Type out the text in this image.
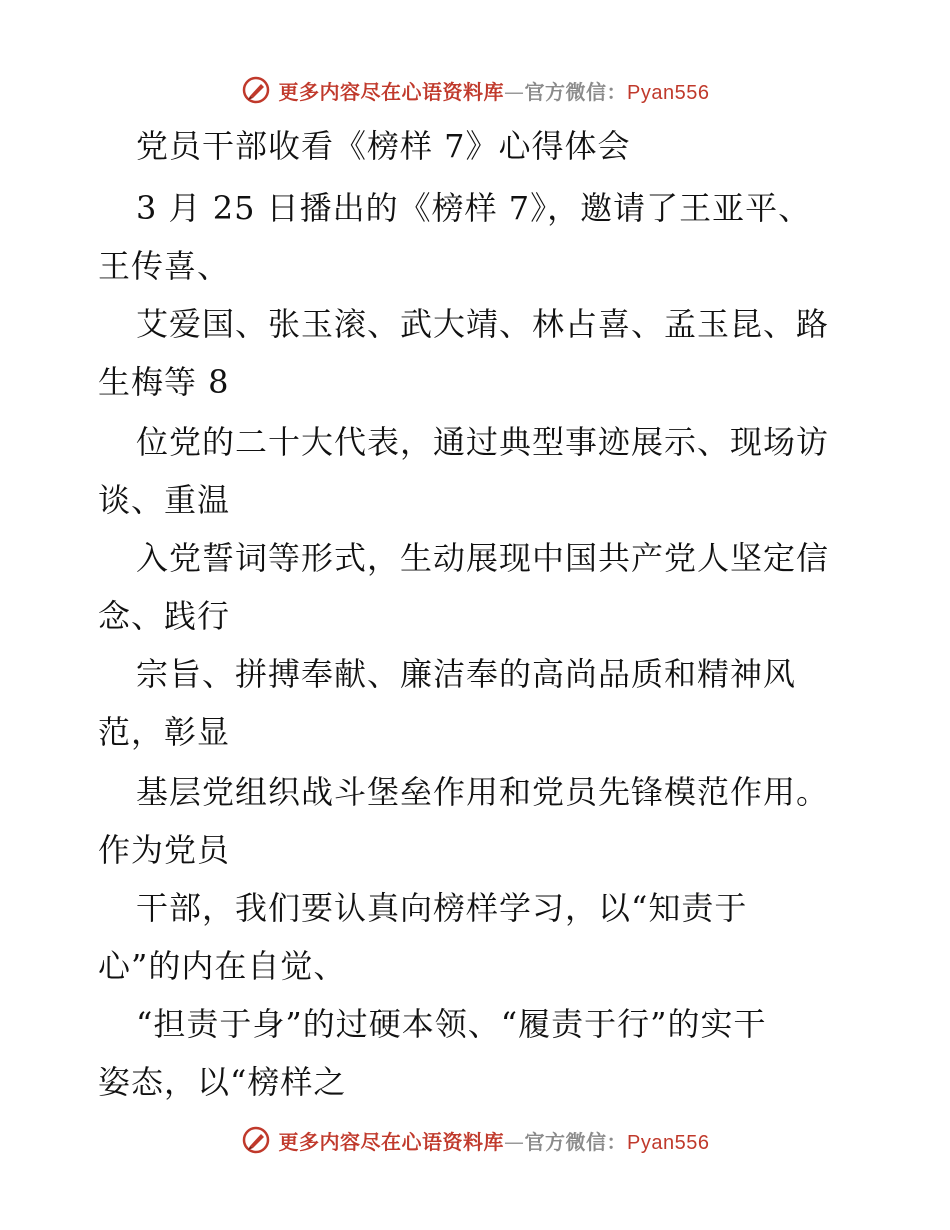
更多内容尽在心语资料库—官方微信：Pyan556
党员干部收看《榜样 7》心得体会
3 月 25 日播出的《榜样 7》，邀请了王亚平、
王传喜、
艾爱国、张玉滚、武大靖、林占喜、孟玉昆、路
生梅等 8
位党的二十大代表，通过典型事迹展示、现场访
谈、重温
入党誓词等形式，生动展现中国共产党人坚定信
念、践行
宗旨、拼搏奉献、廉洁奉的高尚品质和精神风
范，彰显
基层党组织战斗堡垒作用和党员先锋模范作用。
作为党员
干部，我们要认真向榜样学习，以“知责于
心”的内在自觉、
“担责于身”的过硬本领、“履责于行”的实干
姿态，以“榜样之
更多内容尽在心语资料库—官方微信：Pyan556
